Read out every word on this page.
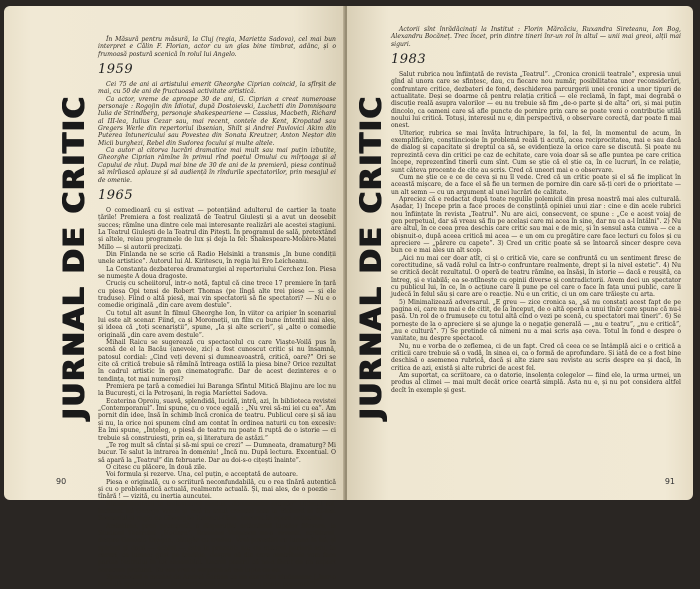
JURNAL DE CRITIC

În Măsură pentru măsură, la Cluj (regia, Marietta Sadova), cel mai bun interpret e Călin F. Florian, actor cu un glas bine timbrat, adânc, și o frumoasă postură scenică în rolul lui Angelo.

1959

Cei 75 de ani ai artistului emerit Gheorghe Ciprian coincid, la sfîrșit de mai, cu 50 de ani de fructuoasă activitate artistică.

Ca actor, vreme de aproape 30 de ani, G. Ciprian a creat numeroase personaje : Rogojin din Idiotul, după Dostoievski, Luchetti din Domnișoara Iulia de Strindberg, personaje shakespeariene — Cassius, Macbeth, Richard al III-lea, Iulius Cezar sau, mai recent, contele de Kent, Kropatad sau Gregers Werle din repertoriul ibsenian, Shilt și Andrei Pavlovici Akim din Puterea întunericului sau Povestea din Sonata Kreutzer, Anton Neștor din Micii burghezi, Rebel din Sudorea focului și multe altele.

Ca autor al citorva lucrări dramatice mai mult sau mai puțin izbutite, Gheorghe Ciprian rămîne în primul rînd poetul Omului cu mîrțoaga și al Capului de răuț. După mai bine de 30 de ani de la premieră, piesa continuă să mîrîiască aplauze și să audiență în rîndurile spectatorilor, prin mesajul ei de omenie.

1965

O comedioară cu și estivat — potențiând adulterul de cartier la toate țările! Premiera a fost realizată de Teatrul Giulești și a avut un deosebit succes; rămîne una dintre cele mai interesante realizări ale acestei stagiuni. La Teatrul Giulești de la Teatrul din Pitești. În programul de sală, pretextând și altele, reiau programele de lux și deja la fel: Shakespeare-Molière-Matei Millo — și autorii precizați.

Din Finlanda ne se scrie că Radio Helsinki a transmis „în bune condiții unele artistice”. Autorul lui Al. Kiritescu, în regia lui Ero Leicheanu.

La Constanța dezbaterea dramaturgiei al repertoriului Cerchez Ion. Piesa se numește A doua dragoste.

Cruciș cu scheiitorul, intr-o notă, faptul că cine trece 17 premiere în țară cu piesa Opi tensi de Robert Thomas (pe lîngă alte trei piese — și ele traduse). Fiind o altă piesă, mai vin spectatorii să fie spectatori? — Nu e o comedie originală „din care avem destule”.

Cu totul alt asunt în filmul Gheorghe Ion, în viitor ca aripier în scenariul lui este alt scenar. Fiind, ca și Moromeții, un film cu bune intenții mai ales, și ideea că „toți scenariștii”, spune, „Ia și alte scrieri”, și „alte o comedie originală „din care avem destule”.

Mihail Raicu se sugerează cu spectacolul cu care Viaște-Voilă pus în scenă de el la Bacău (anevoie, zic) a fost cunoscut critic și nu însamnă, patosul cordial: „Cind veți deveni și dumneavoastră, critică, oare?” Ori se cite că critică trebuie să rămînă întreaga ostilă la piesa bine? Orice rezultat în cadrul artistic în gen cinematografic. Dar de acest dezinteres e o tendința, tot mai numeroși?

Premiera pe țară a comediei lui Baranga Sfîntul Mitică Blajinu are loc nu la București, ci la Petroșani, în regia Mariettei Sadova.

Ecaterina Oproiu, suavă, splendidă, lucidă, intră, azi, în biblioteca revistei „Contemporanul”. Îmi spune, cu o voce egală : „Nu vrei să-mi iei cu ea”. Am pornit din idee, însă în schimb încă cronica de teatru. Publicul cere și să iau și nu, la orice noi spunem cînd am contat în ordinea naturii cu ton excesiv: Ea îmi spune, „Înțeleg, o piesă de teatru nu poate fi ruptă de o istorie — ci trebuie să construiești, prin ea, și literatura de astăzi.”

„Te rog mult să cîntai și să-mi spui ce crezi” — Dumneata, dramaturg? Mi bucur. Te salut la intrarea în domeniu! „Încă nu. După lectura. Excentual. O să apară la „Teatrul” din februarie. Dar au doi-s-o cițești înainte”.

O citesc cu plăcere, în două zile.

Voi formula și rezerve. Una, cel puțin, e acceptată de autoare.

Piesa e originală, cu o scriitură neconfundabilă, cu o rea tînără autentică și cu o problematică actuală, realmente actuală. Și, mai ales, de o poezie — tînără ! — vizită, cu inertia auncutei.

Rînzen invitarii în trelevizorul modus „documentar-artistic” Ultimul rol, închinat lui George Vraca și mai în totul creației sale în Richard al III-lea. Scenariul și regia de Gheorghe Ionescu-Gion, ancorat în opera artistului.

Amintirea, prea prompută, a disparuției articolului lupelor ilfovare, la Studioul Teatrului „Nottara”, Romulus Vulpescu ne-a revenit, scriitorul, despre Goncalo Dragan, călugăr cu trudeu. Vrei povestiri cu lumea în lui, și spiritul și dacă — ochiul — este în prezent: nu; cu autorul perierii sau, în cazuri, ca lumea; gust pe tradiție, despre că din care contribuie vom face partea teatrului în tot ansamblul. Lucrul pentru că ne-a făcut de un aspect oarecum profund. Eu am vrut o surpriză să mă lupte cu ea.

Spectacolul e montat de Andrei Șerban ca un exercițiu studentesc („într-o formulă spitacitoare”, „în practicabilă lege”, o... ce o poate populară”).

90
JURNAL DE CRITIC

Actorii sînt înrădăcinați la Institut : Florin Mărcăciu, Ruxandra Sireteanu, Ion Bog, Alexandru Bocăneț. Trec încet, prin dintre tineri înr-un rol în altul — unii mai greoi, alții mai siguri.

1983

Salut rubrica nou înființată de revista „Teatrul”. „Cronica cronicii teatrale”, expresia unui gînd al unora care se sfințesc, dau, cu fiecare nou număr, posibilitatea unor reconsiderări, confruntare critice, dezbateri de fond, deschiderea parcurgerii unei cronici a unor tipuri de actualitate. Deși se doarme că pentru relația critică — ele reclamă, în fapt, mai degrabă o discuție reală asupra valorilor — eu nu trebuie să fim „de-o parte și de alta” ori, și mai puțin dincolo, ca oameni care să afle puncte de pornire prin care se poate veni o contribuție utilă noului lui critică. Totuși, interesul nu e, din perspectivă, o observare corectă, dar poate fi mai onest.

Ulterior, rubrica se mai învăța întruchipare, la fel, la fel, în momentul de acum, în exemplificăre, conștiincioșie în problemă reală ți acută, acea reciprocitatea, mai e sau dacă de dialog și capacitate și dreptul ca să, se evidențieze la orice care se discută. Și poate nu reprezintă ceva din critici pe caz de echitate, care voia doar să se afle puntea pe care critica începe, reprezentînd tinerii cum sînt. Cum se știe că el știe ca, în ce lucruri, în ce relație, sunt câteva procente de cite au scris. Cred că uneori mai e o observare.

Cum ne știe ce e ce de ceva și nu îl vede. Cred că un critic poate și el să fie implicat în această mișcare, de a face el să fie un termen de pornire din care să-ți ceri de o prioritate — un alt semn — cu un argument al unei lucrări de calitate.

Apreciez că e redactat după toate regulile polemicii din presa noastră mai ales culturală. Așadar, 1) Incepe prin a face proces de conștiință opiniei unui ziar : cine e din acele rubrici nou înființate în revista „Teatrul”. Nu are aici, consecvent, ce spune : „Ce e acest voiaj de gen perpetual, dar să vreau să fiu pe același care mi acea în sine, dar nu ca a-l întâlni”. 2) Nu are altul, în ce ceea prea deschis care critic sau mai e de mic, și în sensul asta cumva — ce a obișnuit-o, după aceea critică mi acea — e un om cu pregătire care face lecturi cu folos și cu apreciere — „părere cu capete”. 3) Cred un critic poate să se întoarcă sincer despre ceva bun ce e mai ales un alt scop.

„Aici nu mai cer doar atît, ci și o critică vie, care se confruntă cu un sentiment firesc de corectitudine, să vadă rolul ca într-o confruntare realmente, drept și la nivel estetic”. 4) Nu se critică decât rezultatul. O operă de teatru rămîne, ea însăși, în istorie — dacă e reușită, ca întreg, și e viabilă; ea se-ntîlnește cu opinii diverse și contradictorii. Avem deci un spectator cu publicul lui, în ce, în o acțiune care îi pune pe cel care o face în fața unui public, care îi judecă în felul său și care are o reacție. Nu e un critic, ci un om care trăiește cu arta.

5) Minimalizează adversarul. „E greu — zice cronica sa, „să nu constați acest fapt de pe pagina ei, care nu mai e de citit, de la început, de o altă operă a unui tînăr care spune că nu-i pasă. Un rol de o frumusețe cu totul altă cînd o vezi pe scenă, cu spectatori mai tineri”. 6) Se pornește de la o apreciere și se ajunge la o negație generală — „nu e teatru”, „nu e critică”, „nu e cultură”. 7) Se pretinde că nimeni nu a mai scris așa ceva. Totul în fond e despre o vanitate, nu despre spectacol.

Nu, nu e vorba de o zeflemea, ci de un fapt. Cred că ceea ce se întâmplă aici e o critică a criticii care trebuie să o vadă, în sinea ei, ca o formă de aprofundare. Și iată de ce a fost bine deschisă o asemenea rubrică, dacă și alte ziare sau reviste au scris despre ea și dacă, în critica de azi, există și alte rubrici de acest fel.

Am suportat, ca scriitoare, ca o datorie, insolența colegelor — fiind ele, la urma urmei, un produs al climei — mai mult decât orice ceartă simplă. Asta nu e, și nu pot considera altfel decît în exemple și gest.

91
